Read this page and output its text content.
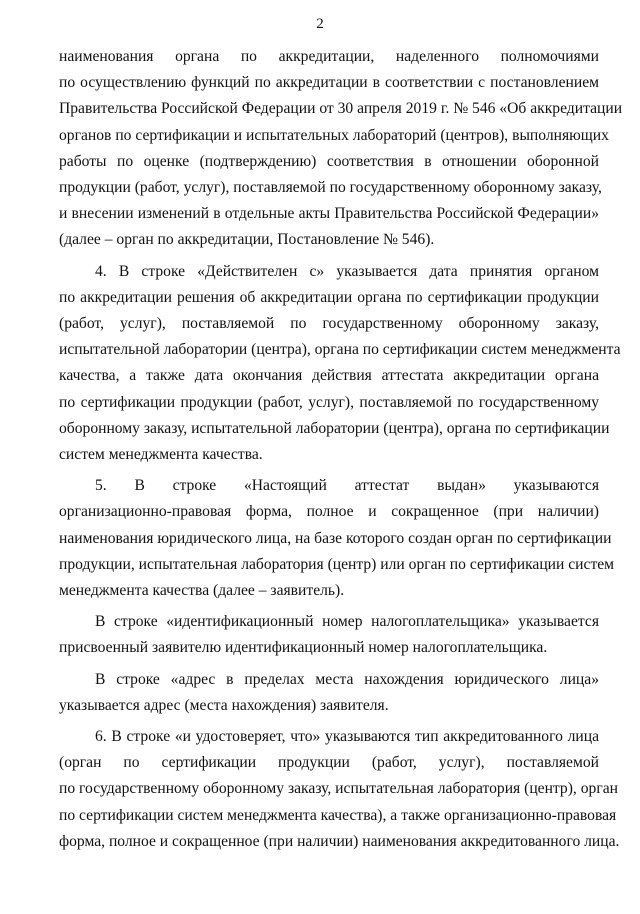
2

наименования органа по аккредитации, наделенного полномочиями
по осуществлению функций по аккредитации в соответствии с постановлением
Правительства Российской Федерации от 30 апреля 2019 г. № 546 «Об аккредитации
органов по сертификации и испытательных лабораторий (центров), выполняющих
работы по оценке (подтверждению) соответствия в отношении оборонной
продукции (работ, услуг), поставляемой по государственному оборонному заказу,
и внесении изменений в отдельные акты Правительства Российской Федерации»
(далее – орган по аккредитации, Постановление № 546).

4. В строке «Действителен с» указывается дата принятия органом
по аккредитации решения об аккредитации органа по сертификации продукции
(работ, услуг), поставляемой по государственному оборонному заказу,
испытательной лаборатории (центра), органа по сертификации систем менеджмента
качества, а также дата окончания действия аттестата аккредитации органа
по сертификации продукции (работ, услуг), поставляемой по государственному
оборонному заказу, испытательной лаборатории (центра), органа по сертификации
систем менеджмента качества.

5. В строке «Настоящий аттестат выдан» указываются
организационно-правовая форма, полное и сокращенное (при наличии)
наименования юридического лица, на базе которого создан орган по сертификации
продукции, испытательная лаборатория (центр) или орган по сертификации систем
менеджмента качества (далее – заявитель).

В строке «идентификационный номер налогоплательщика» указывается
присвоенный заявителю идентификационный номер налогоплательщика.

В строке «адрес в пределах места нахождения юридического лица»
указывается адрес (места нахождения) заявителя.

6. В строке «и удостоверяет, что» указываются тип аккредитованного лица
(орган по сертификации продукции (работ, услуг), поставляемой
по государственному оборонному заказу, испытательная лаборатория (центр), орган
по сертификации систем менеджмента качества), а также организационно-правовая
форма, полное и сокращенное (при наличии) наименования аккредитованного лица.
